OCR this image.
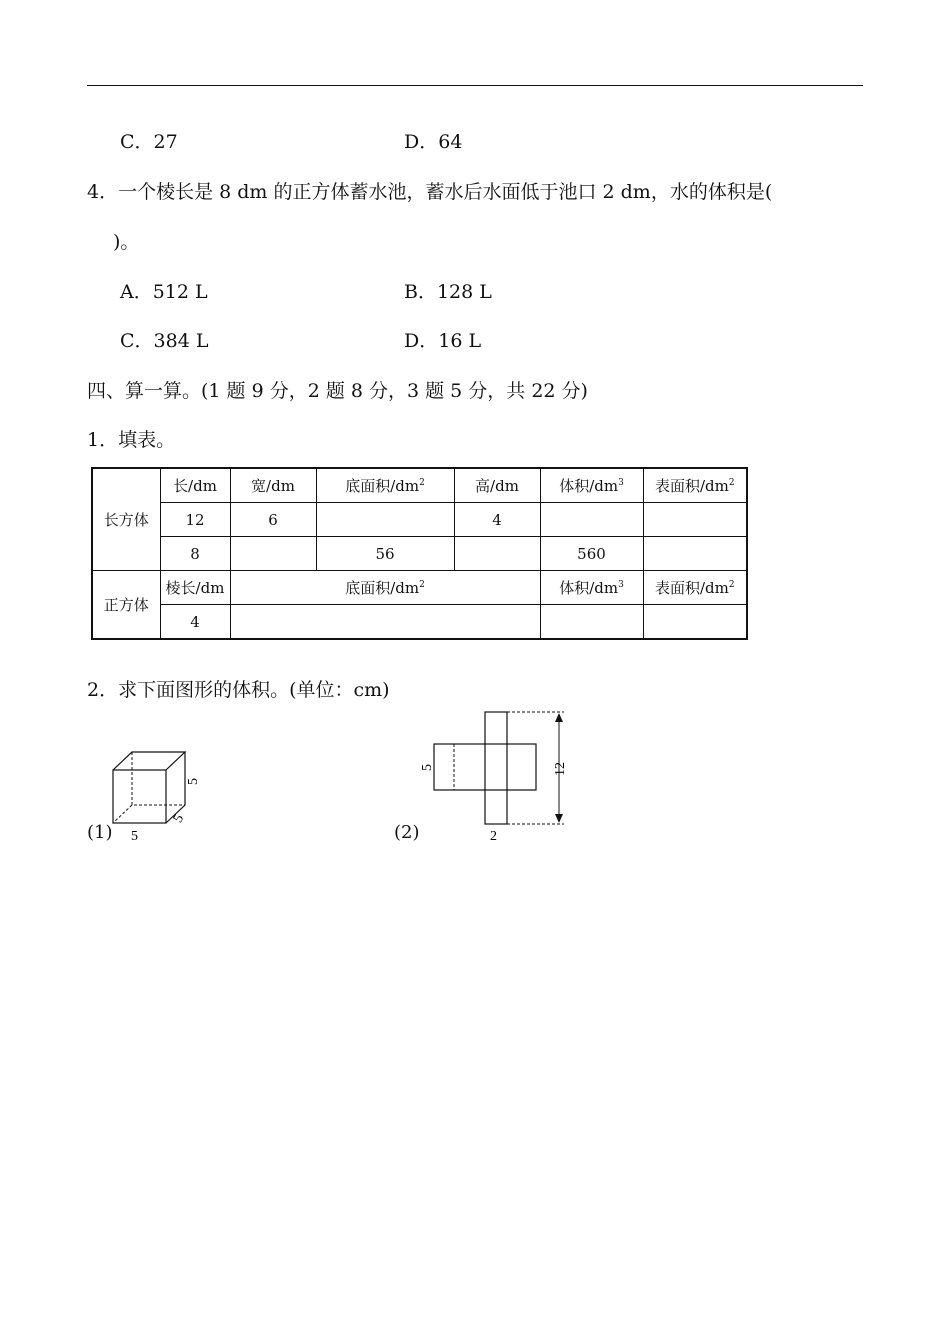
C．27	D．64
4．一个棱长是 8 dm 的正方体蓄水池，蓄水后水面低于池口 2 dm，水的体积是(
)。
A．512 L	B．128 L
C．384 L	D．16 L
四、算一算。(1 题 9 分，2 题 8 分，3 题 5 分，共 22 分)
1．填表。
长方体	长/dm	宽/dm	底面积$/dm^2$	高/dm	体积$/dm^3$	表面积$/dm^2$
	12	6		4		
	8		56		560	
正方体	棱长/dm	底面积$/dm^2$			体积$/dm^3$	表面积$/dm^2$
	4					
2．求下面图形的体积。(单位：cm)
(1)
5
5
5	(2)
5	12
2
